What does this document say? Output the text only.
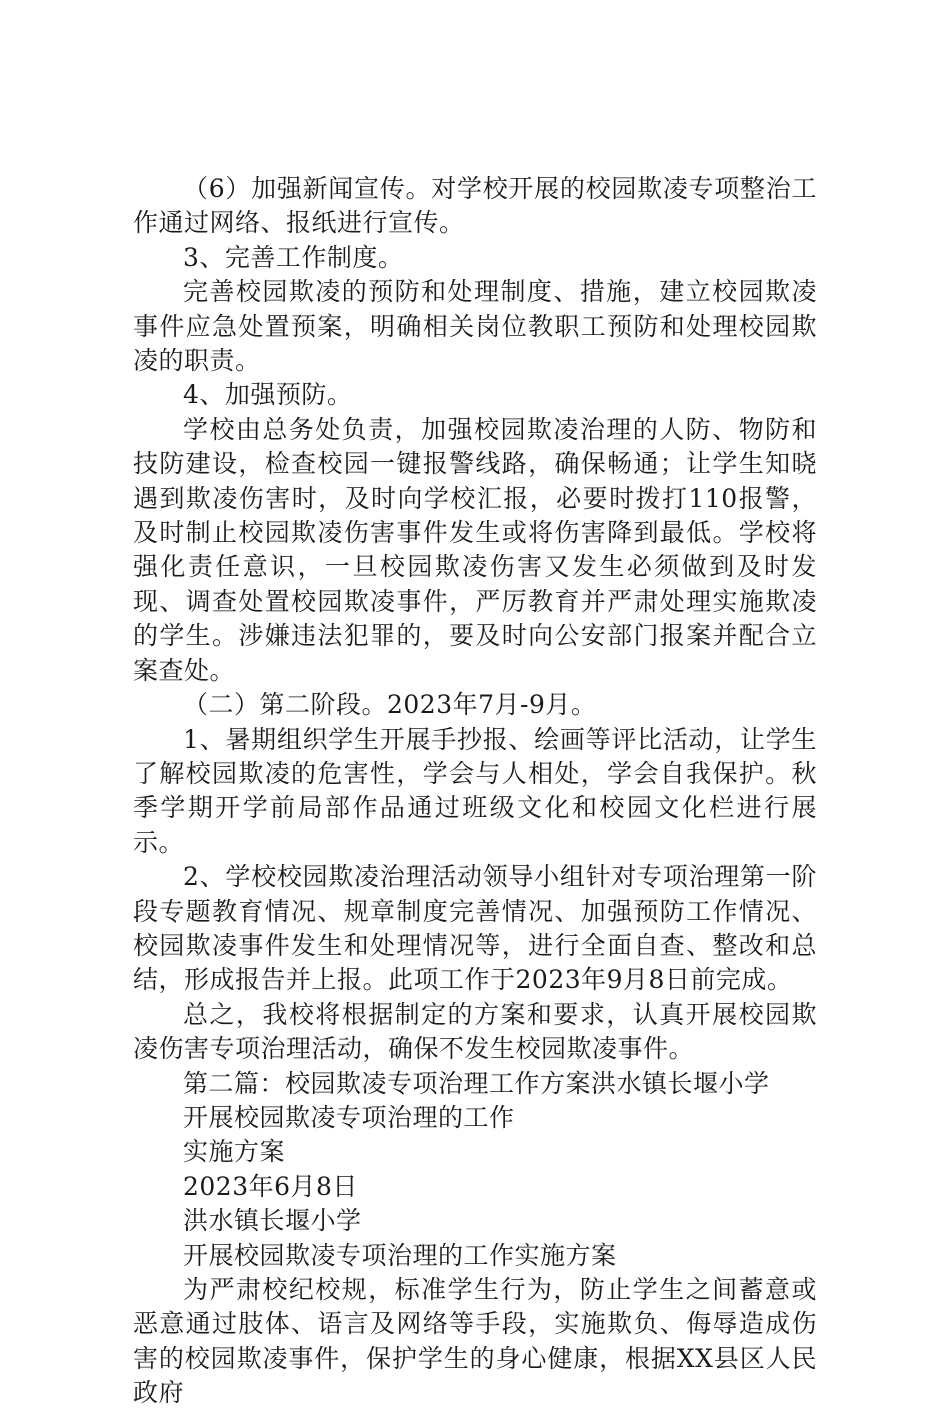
（6）加强新闻宣传。对学校开展的校园欺凌专项整治工作通过网络、报纸进行宣传。

3、完善工作制度。

完善校园欺凌的预防和处理制度、措施，建立校园欺凌事件应急处置预案，明确相关岗位教职工预防和处理校园欺凌的职责。

4、加强预防。

学校由总务处负责，加强校园欺凌治理的人防、物防和技防建设，检查校园一键报警线路，确保畅通；让学生知晓遇到欺凌伤害时，及时向学校汇报，必要时拨打110报警，及时制止校园欺凌伤害事件发生或将伤害降到最低。学校将强化责任意识，一旦校园欺凌伤害又发生必须做到及时发现、调查处置校园欺凌事件，严厉教育并严肃处理实施欺凌的学生。涉嫌违法犯罪的，要及时向公安部门报案并配合立案查处。

（二）第二阶段。2023年7月-9月。

1、暑期组织学生开展手抄报、绘画等评比活动，让学生了解校园欺凌的危害性，学会与人相处，学会自我保护。秋季学期开学前局部作品通过班级文化和校园文化栏进行展示。

2、学校校园欺凌治理活动领导小组针对专项治理第一阶段专题教育情况、规章制度完善情况、加强预防工作情况、校园欺凌事件发生和处理情况等，进行全面自查、整改和总结，形成报告并上报。此项工作于2023年9月8日前完成。

总之，我校将根据制定的方案和要求，认真开展校园欺凌伤害专项治理活动，确保不发生校园欺凌事件。

第二篇：校园欺凌专项治理工作方案洪水镇长堰小学

开展校园欺凌专项治理的工作

实施方案

2023年6月8日

洪水镇长堰小学

开展校园欺凌专项治理的工作实施方案

为严肃校纪校规，标准学生行为，防止学生之间蓄意或恶意通过肢体、语言及网络等手段，实施欺负、侮辱造成伤害的校园欺凌事件，保护学生的身心健康，根据XX县区人民政府
